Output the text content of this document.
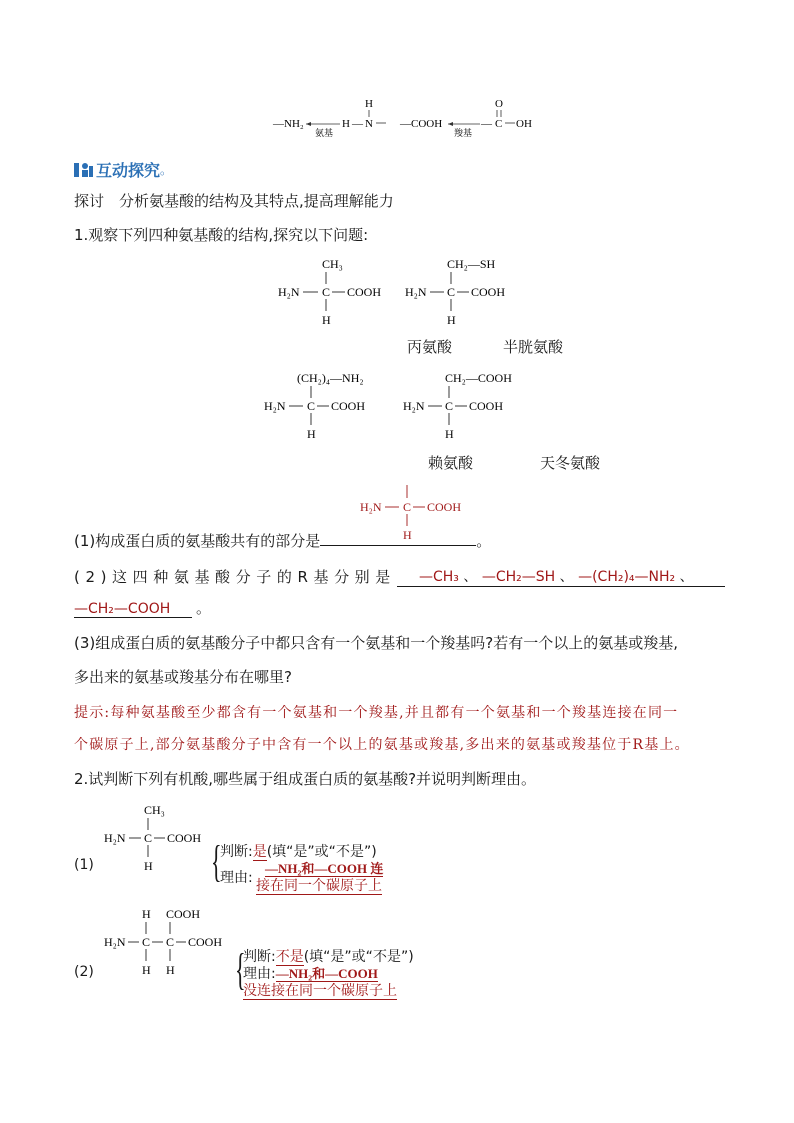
—NH₂
氨基
H — N
H
—COOH
羧基
— C
O
OH
互动探究 。
探讨　分析氨基酸的结构及其特点,提高理解能力
1.观察下列四种氨基酸的结构,探究以下问题:
CH₃
H₂N C COOH
H
CH₂—SH
H₂N C COOH
H
(CH₂)₄—NH₂
H₂N C COOH
H
CH₂—COOH
H₂N C COOH
H
丙氨酸	半胱氨酸
赖氨酸	天冬氨酸
H₂N C COOH
H
(1)构成蛋白质的氨基酸共有的部分是	。
(2)这四种氨基酸分子的R基分别是	—CH₃ 、 —CH₂—SH 、 —(CH₂)₄—NH₂ 、
—CH₂—COOH 。
(3)组成蛋白质的氨基酸分子中都只含有一个氨基和一个羧基吗?若有一个以上的氨基或羧基,
多出来的氨基或羧基分布在哪里?
提示:每种氨基酸至少都含有一个氨基和一个羧基,并且都有一个氨基和一个羧基连接在同一
个碳原子上,部分氨基酸分子中含有一个以上的氨基或羧基,多出来的氨基或羧基位于R基上。
2.试判断下列有机酸,哪些属于组成蛋白质的氨基酸?并说明判断理由。
CH₃
H₂N C COOH
H
(1)	{
判断:是(填“是”或“不是”)
—NH₂和—COOH 连
理由: 接在同一个碳原子上
H COOH
H₂N C C COOH
H H
(2)	{
判断:不是(填“是”或“不是”)
理由:—NH₂和—COOH
没连接在同一个碳原子上
